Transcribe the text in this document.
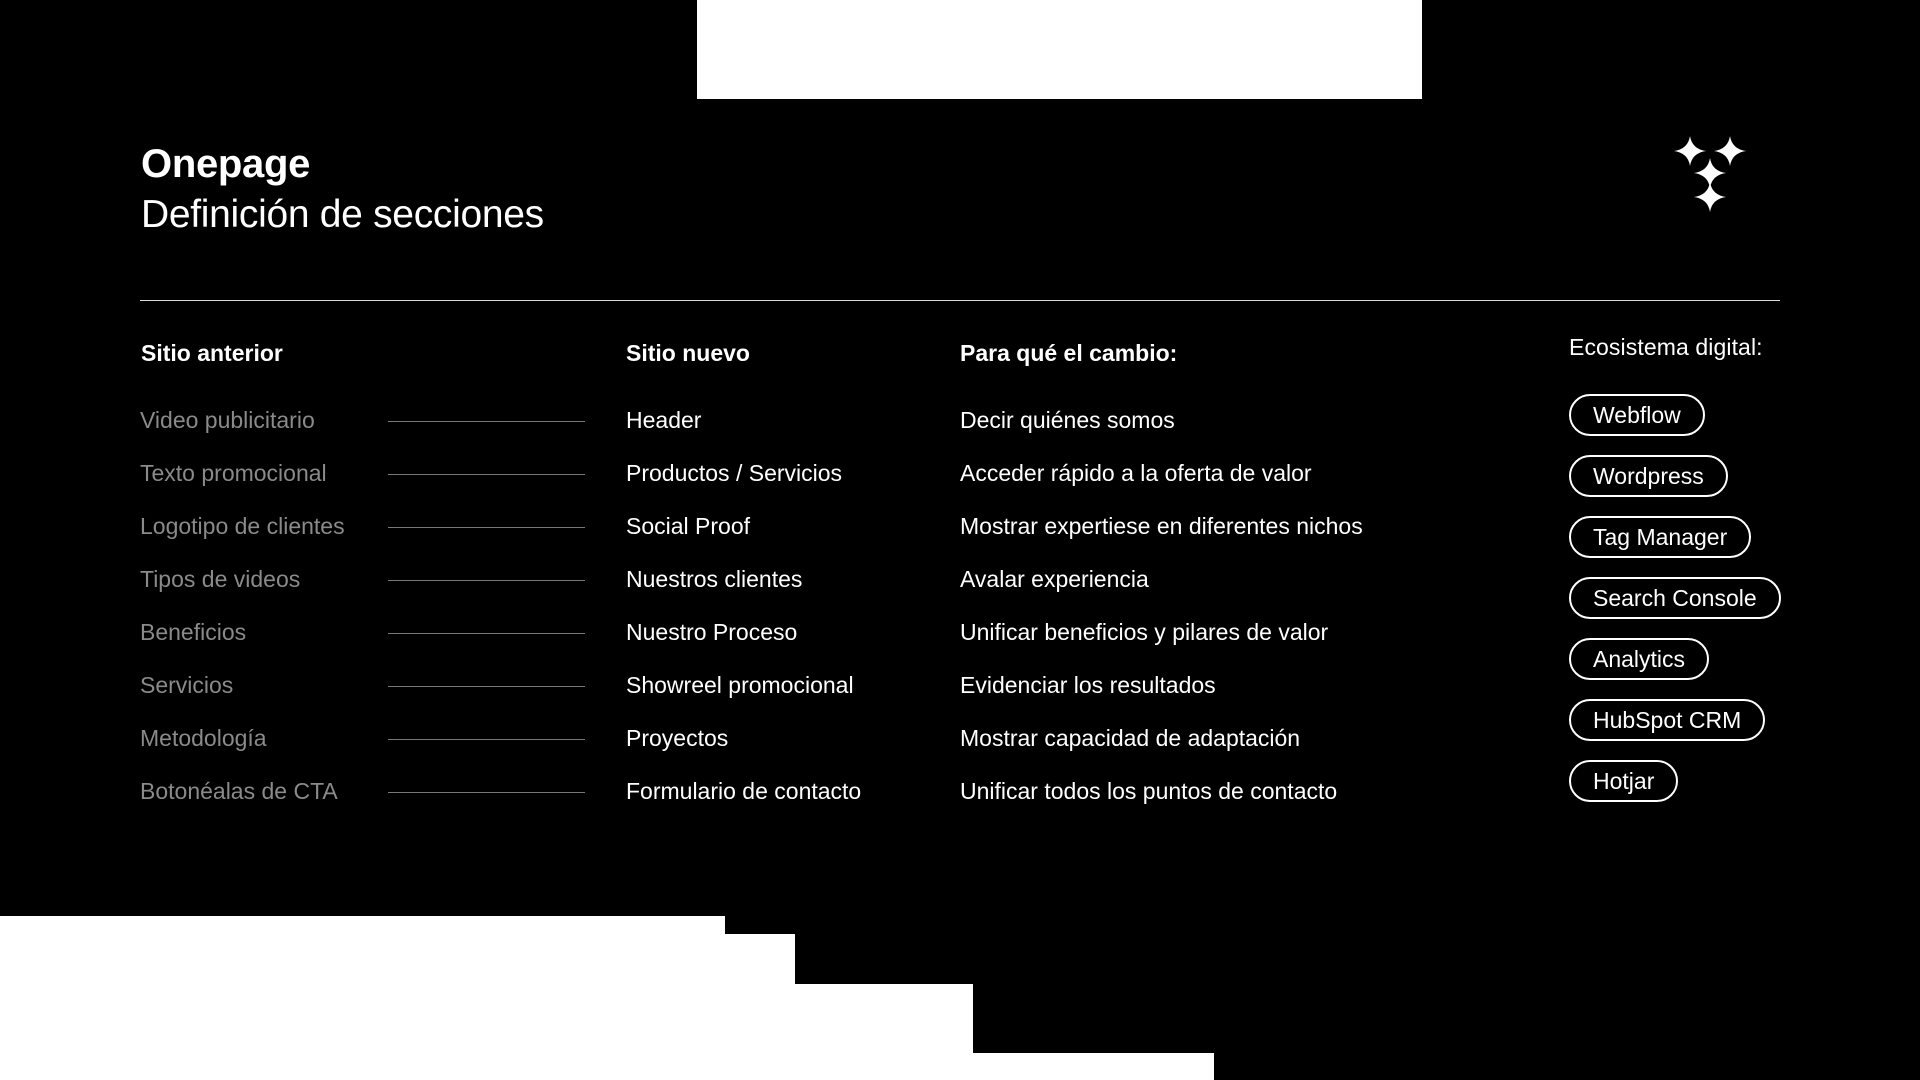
Onepage
Definición de secciones
Sitio anterior	Sitio nuevo	Para qué el cambio:	Ecosistema digital:
Video publicitario	Header	Decir quiénes somos
Texto promocional	Productos / Servicios	Acceder rápido a la oferta de valor
Logotipo de clientes	Social Proof	Mostrar expertiese en diferentes nichos
Tipos de videos	Nuestros clientes	Avalar experiencia
Beneficios	Nuestro Proceso	Unificar beneficios y pilares de valor
Servicios	Showreel promocional	Evidenciar los resultados
Metodología	Proyectos	Mostrar capacidad de adaptación
Botonéalas de CTA	Formulario de contacto	Unificar todos los puntos de contacto
Webflow
Wordpress
Tag Manager
Search Console
Analytics
HubSpot CRM
Hotjar
